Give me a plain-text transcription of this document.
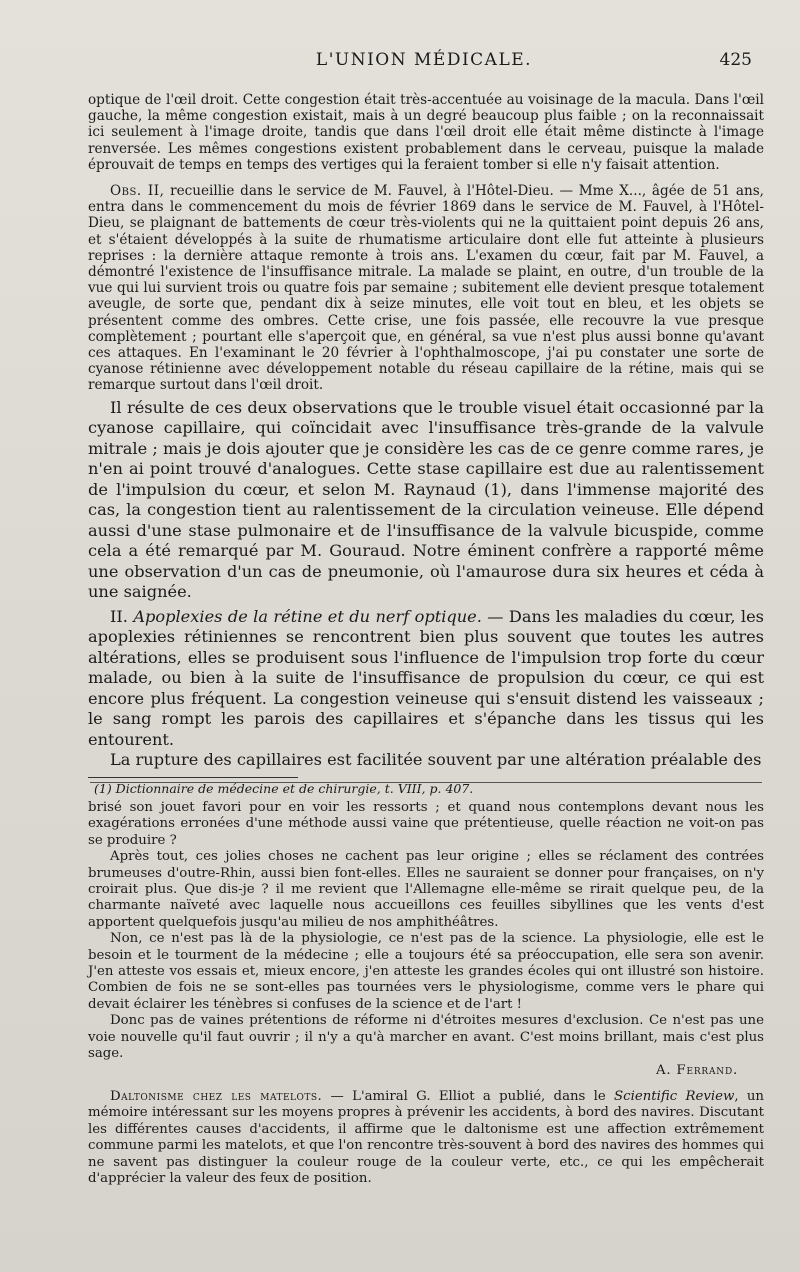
L'UNION MÉDICALE.	425

optique de l'œil droit. Cette congestion était très-accentuée au voisinage de la macula. Dans l'œil gauche, la même congestion existait, mais à un degré beaucoup plus faible ; on la reconnaissait ici seulement à l'image droite, tandis que dans l'œil droit elle était même distincte à l'image renversée. Les mêmes congestions existent probablement dans le cerveau, puisque la malade éprouvait de temps en temps des vertiges qui la feraient tomber si elle n'y faisait attention.

Obs. II, recueillie dans le service de M. Fauvel, à l'Hôtel-Dieu. — Mme X..., âgée de 51 ans, entra dans le commencement du mois de février 1869 dans le service de M. Fauvel, à l'Hôtel-Dieu, se plaignant de battements de cœur très-violents qui ne la quittaient point depuis 26 ans, et s'étaient développés à la suite de rhumatisme articulaire dont elle fut atteinte à plusieurs reprises : la dernière attaque remonte à trois ans. L'examen du cœur, fait par M. Fauvel, a démontré l'existence de l'insuffisance mitrale. La malade se plaint, en outre, d'un trouble de la vue qui lui survient trois ou quatre fois par semaine ; subitement elle devient presque totalement aveugle, de sorte que, pendant dix à seize minutes, elle voit tout en bleu, et les objets se présentent comme des ombres. Cette crise, une fois passée, elle recouvre la vue presque complètement ; pourtant elle s'aperçoit que, en général, sa vue n'est plus aussi bonne qu'avant ces attaques. En l'examinant le 20 février à l'ophthalmoscope, j'ai pu constater une sorte de cyanose rétinienne avec développement notable du réseau capillaire de la rétine, mais qui se remarque surtout dans l'œil droit.

Il résulte de ces deux observations que le trouble visuel était occasionné par la cyanose capillaire, qui coïncidait avec l'insuffisance très-grande de la valvule mitrale ; mais je dois ajouter que je considère les cas de ce genre comme rares, je n'en ai point trouvé d'analogues. Cette stase capillaire est due au ralentissement de l'impulsion du cœur, et selon M. Raynaud (1), dans l'immense majorité des cas, la congestion tient au ralentissement de la circulation veineuse. Elle dépend aussi d'une stase pulmonaire et de l'insuffisance de la valvule bicuspide, comme cela a été remarqué par M. Gouraud. Notre éminent confrère a rapporté même une observation d'un cas de pneumonie, où l'amaurose dura six heures et céda à une saignée.

II. Apoplexies de la rétine et du nerf optique. — Dans les maladies du cœur, les apoplexies rétiniennes se rencontrent bien plus souvent que toutes les autres altérations, elles se produisent sous l'influence de l'impulsion trop forte du cœur malade, ou bien à la suite de l'insuffisance de propulsion du cœur, ce qui est encore plus fréquent. La congestion veineuse qui s'ensuit distend les vaisseaux ; le sang rompt les parois des capillaires et s'épanche dans les tissus qui les entourent.

La rupture des capillaires est facilitée souvent par une altération préalable des

(1) Dictionnaire de médecine et de chirurgie, t. VIII, p. 407.

brisé son jouet favori pour en voir les ressorts ; et quand nous contemplons devant nous les exagérations erronées d'une méthode aussi vaine que prétentieuse, quelle réaction ne voit-on pas se produire ?

Après tout, ces jolies choses ne cachent pas leur origine ; elles se réclament des contrées brumeuses d'outre-Rhin, aussi bien font-elles. Elles ne sauraient se donner pour françaises, on n'y croirait plus. Que dis-je ? il me revient que l'Allemagne elle-même se rirait quelque peu, de la charmante naïveté avec laquelle nous accueillons ces feuilles sibyllines que les vents d'est apportent quelquefois jusqu'au milieu de nos amphithéâtres.

Non, ce n'est pas là de la physiologie, ce n'est pas de la science. La physiologie, elle est le besoin et le tourment de la médecine ; elle a toujours été sa préoccupation, elle sera son avenir. J'en atteste vos essais et, mieux encore, j'en atteste les grandes écoles qui ont illustré son histoire. Combien de fois ne se sont-elles pas tournées vers le physiologisme, comme vers le phare qui devait éclairer les ténèbres si confuses de la science et de l'art !

Donc pas de vaines prétentions de réforme ni d'étroites mesures d'exclusion. Ce n'est pas une voie nouvelle qu'il faut ouvrir ; il n'y a qu'à marcher en avant. C'est moins brillant, mais c'est plus sage.

A. Ferrand.

Daltonisme chez les matelots. — L'amiral G. Elliot a publié, dans le Scientific Review, un mémoire intéressant sur les moyens propres à prévenir les accidents, à bord des navires. Discutant les différentes causes d'accidents, il affirme que le daltonisme est une affection extrêmement commune parmi les matelots, et que l'on rencontre très-souvent à bord des navires des hommes qui ne savent pas distinguer la couleur rouge de la couleur verte, etc., ce qui les empêcherait d'apprécier la valeur des feux de position.
